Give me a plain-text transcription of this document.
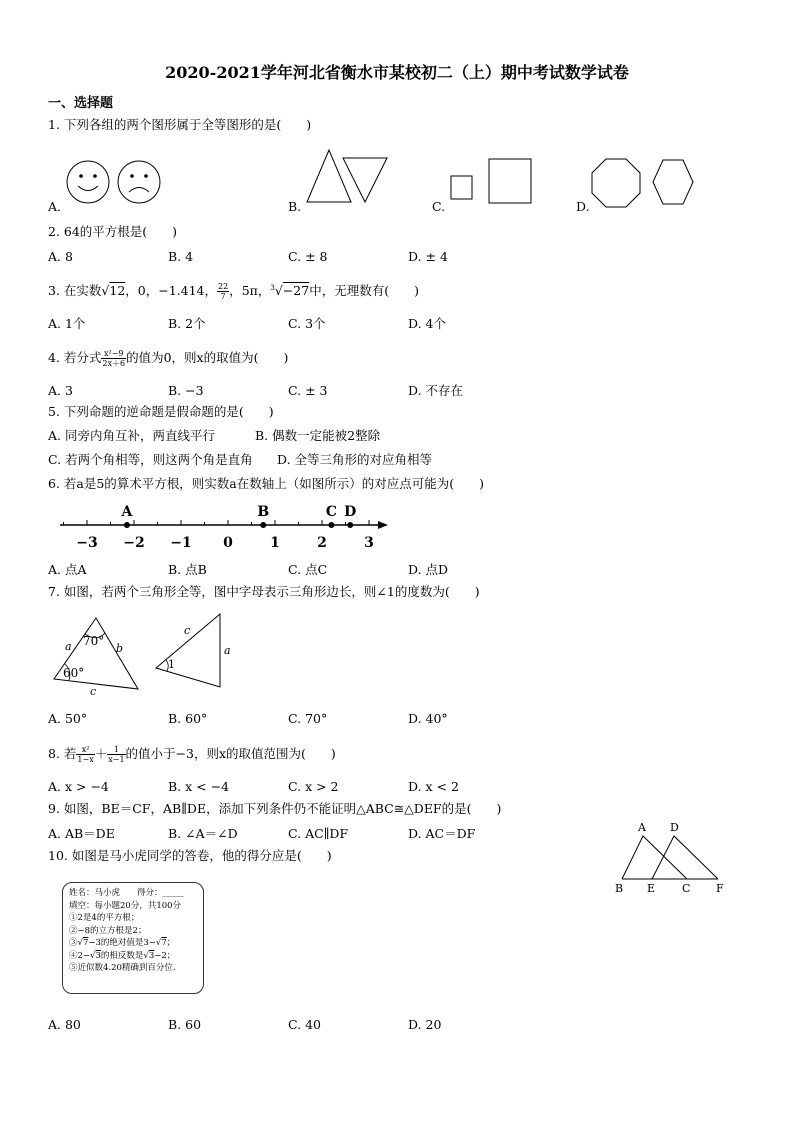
2020-2021学年河北省衡水市某校初二（上）期中考试数学试卷
一、选择题
1. 下列各组的两个图形属于全等图形的是(　　)
A.	B.	C.	D.
2. 64的平方根是(　　)
A. 8	B. 4	C. ± 8	D. ± 4
3. 在实数√12，0，−1.414， $\frac{22}{7}$ ，5π，$^3$√−27中，无理数有(　　)
A. 1个	B. 2个	C. 3个	D. 4个
4. 若分式 $\frac{\text{x²−9}}{2x+6}$ 的值为0，则x的取值为(　　)
A. 3	B. −3	C. ± 3	D. 不存在
5. 下列命题的逆命题是假命题的是(　　)
A. 同旁内角互补，两直线平行	B. 偶数一定能被2整除
C. 若两个角相等，则这两个角是直角 D. 全等三角形的对应角相等
6. 若a是5的算术平方根，则实数a在数轴上（如图所示）的对应点可能为(　　)
−3 −2 −1 0	1	2	3
A	B	C D
A. 点A	B. 点B	C. 点C	D. 点D
7. 如图，若两个三角形全等，图中字母表示三角形边长，则∠1的度数为(　　)
70°
60°
a	b
c
1
c
a
A. 50°	B. 60°	C. 70°	D. 40°
8. 若 $\frac{\text{x²}}{1-x} + \frac{1}{x-1}$ 的值小于−3，则x的取值范围为(　　)
A. x > −4	B. x < −4	C. x > 2	D. x < 2
9. 如图，BE＝CF，AB∥DE，添加下列条件仍不能证明△ABC≅△DEF的是(　　)
A. AB＝DE	B. ∠A＝∠D	C. AC∥DF	D. AC＝DF	A D
B E C F
10. 如图是马小虎同学的答卷，他的得分应是(　　)
姓名：马小虎　　得分：_____
填空：每小题20分，共100分
①2是4的平方根；
②−8的立方根是2；
③√7−3的绝对值是3−√7；
④2−√3的相反数是√3−2；
⑤近似数4.20精确到百分位.
A. 80	B. 60	C. 40	D. 20
